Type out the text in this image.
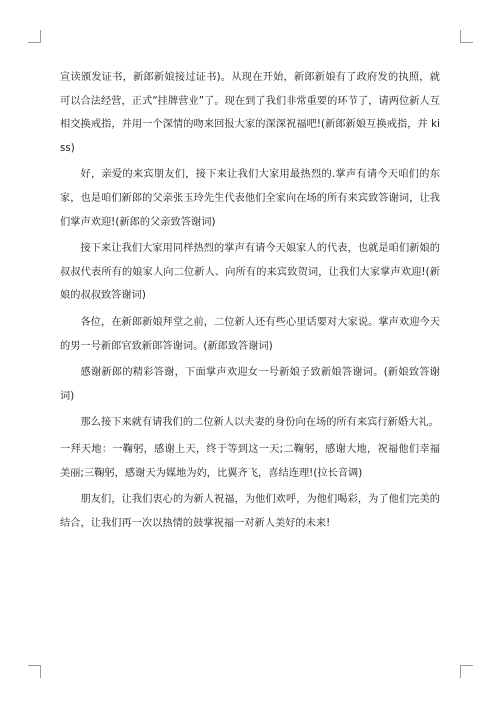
宣读颁发证书，新郎新娘接过证书)。从现在开始，新郎新娘有了政府发的执照，就可以合法经营，正式“挂牌营业”了。现在到了我们非常重要的环节了，请两位新人互相交换戒指，并用一个深情的吻来回报大家的深深祝福吧!(新郎新娘互换戒指，并 kiss)

好，亲爱的来宾朋友们，接下来让我们大家用最热烈的.掌声有请今天咱们的东家，也是咱们新郎的父亲张玉玲先生代表他们全家向在场的所有来宾致答谢词，让我们掌声欢迎!(新郎的父亲致答谢词)

接下来让我们大家用同样热烈的掌声有请今天娘家人的代表，也就是咱们新娘的叔叔代表所有的娘家人向二位新人、向所有的来宾致贺词，让我们大家掌声欢迎!(新娘的叔叔致答谢词)

各位，在新郎新娘拜堂之前，二位新人还有些心里话要对大家说。掌声欢迎今天的男一号新郎官致新郎答谢词。(新郎致答谢词)

感谢新郎的精彩答谢，下面掌声欢迎女一号新娘子致新娘答谢词。(新娘致答谢词)

那么接下来就有请我们的二位新人以夫妻的身份向在场的所有来宾行新婚大礼。

一拜天地：一鞠躬，感谢上天，终于等到这一天;二鞠躬，感谢大地，祝福他们幸福美丽;三鞠躬，感谢天为媒地为妁，比翼齐飞，喜结连理!(拉长音调)

朋友们，让我们衷心的为新人祝福，为他们欢呼，为他们喝彩，为了他们完美的结合，让我们再一次以热情的鼓掌祝福一对新人美好的未来!
